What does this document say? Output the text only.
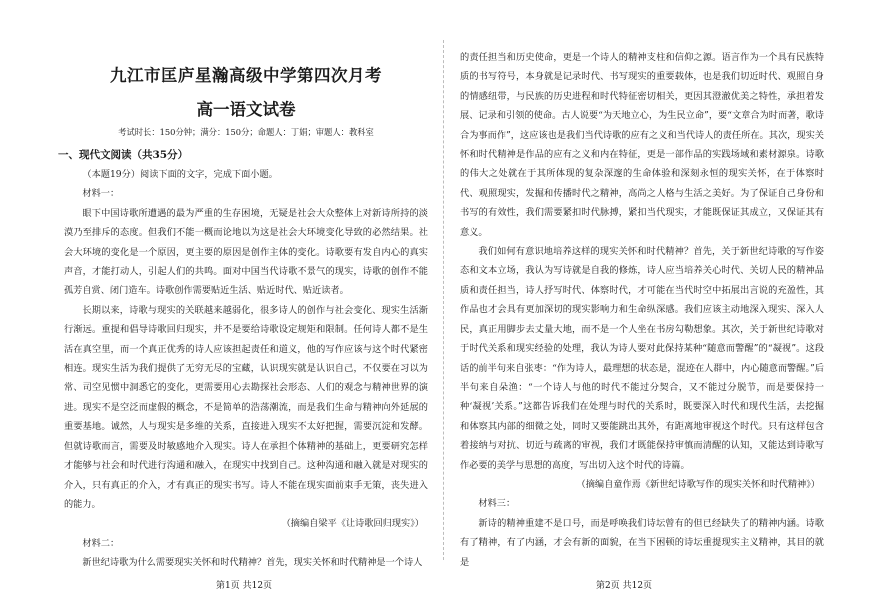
九江市匡庐星瀚高级中学第四次月考
高一语文试卷
考试时长：150分钟；满分：150分；命题人：丁娟；审题人：教科室
一、现代文阅读（共35分）

（本题19分）阅读下面的文字，完成下面小题。

材料一：

眼下中国诗歌所遭遇的最为严重的生存困境，无疑是社会大众整体上对新诗所持的淡漠乃至排斥的态度。但我们不能一概而论地以为这是社会大环境变化导致的必然结果。社会大环境的变化是一个原因，更主要的原因是创作主体的变化。诗歌要有发自内心的真实声音，才能打动人，引起人们的共鸣。面对中国当代诗歌不景气的现实，诗歌的创作不能孤芳自赏、闭门造车。诗歌创作需要贴近生活、贴近时代、贴近读者。

长期以来，诗歌与现实的关联越来越弱化，很多诗人的创作与社会变化、现实生活渐行渐远。重提和倡导诗歌回归现实，并不是要给诗歌设定规矩和限制。任何诗人都不是生活在真空里，而一个真正优秀的诗人应该担起责任和道义，他的写作应该与这个时代紧密相连。现实生活为我们提供了无穷无尽的宝藏，认识现实就是认识自己，不仅要在习以为常、司空见惯中洞悉它的变化，更需要用心去勘探社会形态、人们的观念与精神世界的演进。现实不是空泛而虚假的概念，不是简单的浩荡潮流，而是我们生命与精神向外延展的重要基地。诚然，人与现实是多维的关系，直接进入现实不太好把握，需要沉淀和发酵。但就诗歌而言，需要及时敏感地介入现实。诗人在承担个体精神的基础上，更要研究怎样才能够与社会和时代进行沟通和融入，在现实中找到自己。这种沟通和融入就是对现实的介入，只有真正的介入，才有真正的现实书写。诗人不能在现实面前束手无策，丧失进入的能力。

（摘编自梁平《让诗歌回归现实》）

材料二：

新世纪诗歌为什么需要现实关怀和时代精神？首先，现实关怀和时代精神是一个诗人

的责任担当和历史使命，更是一个诗人的精神支柱和信仰之源。语言作为一个具有民族特质的书写符号，本身就是记录时代、书写现实的重要载体，也是我们切近时代、观照自身的情感纽带，与民族的历史进程和时代特征密切相关，更因其澄澈优美之特性，承担着发展、记录和引领的使命。古人说要“为天地立心，为生民立命”，要“文章合为时而著，歌诗合为事而作”，这应该也是我们当代诗歌的应有之义和当代诗人的责任所在。其次，现实关怀和时代精神是作品的应有之义和内在特征，更是一部作品的实践场域和素材源泉。诗歌的伟大之处就在于其所体现的复杂深邃的生命体验和深刻永恒的现实关怀，在于体察时代、观照现实，发掘和传播时代之精神，高尚之人格与生活之美好。为了保证自己身份和书写的有效性，我们需要紧扣时代脉搏，紧扣当代现实，才能既保证其成立，又保证其有意义。

我们如何有意识地培养这样的现实关怀和时代精神？首先，关于新世纪诗歌的写作姿态和文本立场，我认为写诗就是自我的修炼，诗人应当培养关心时代、关切人民的精神品质和责任担当，诗人抒写时代、体察时代，才可能在当代时空中拓展出言说的充盈性，其作品也才会具有更加深切的现实影响力和生命纵深感。我们应该主动地深入现实、深入人民，真正用脚步去丈量大地，而不是一个人坐在书房勾勒想象。其次，关于新世纪诗歌对于时代关系和现实经验的处理，我认为诗人要对此保持某种“随意而警醒”的“凝视”。这段话的前半句来自张枣：“作为诗人，最理想的状态是，混迹在人群中，内心随意而警醒。”后半句来自朵渔：“一个诗人与他的时代不能过分契合，又不能过分脱节，而是要保持一种‘凝视’关系。”这都告诉我们在处理与时代的关系时，既要深入时代和现代生活，去挖掘和体察其内部的细微之处，同时又要能跳出其外，有距离地审视这个时代。只有这样包含着接纳与对抗、切近与疏离的审视，我们才既能保持审慎而清醒的认知，又能达到诗歌写作必要的美学与思想的高度，写出切入这个时代的诗篇。

（摘编自童作焉《新世纪诗歌写作的现实关怀和时代精神》）

材料三：

新诗的精神重建不是口号，而是呼唤我们诗坛曾有的但已经缺失了的精神内涵。诗歌有了精神，有了内涵，才会有新的面貌，在当下困顿的诗坛重提现实主义精神，其目的就是

第1页 共12页	第2页 共12页
